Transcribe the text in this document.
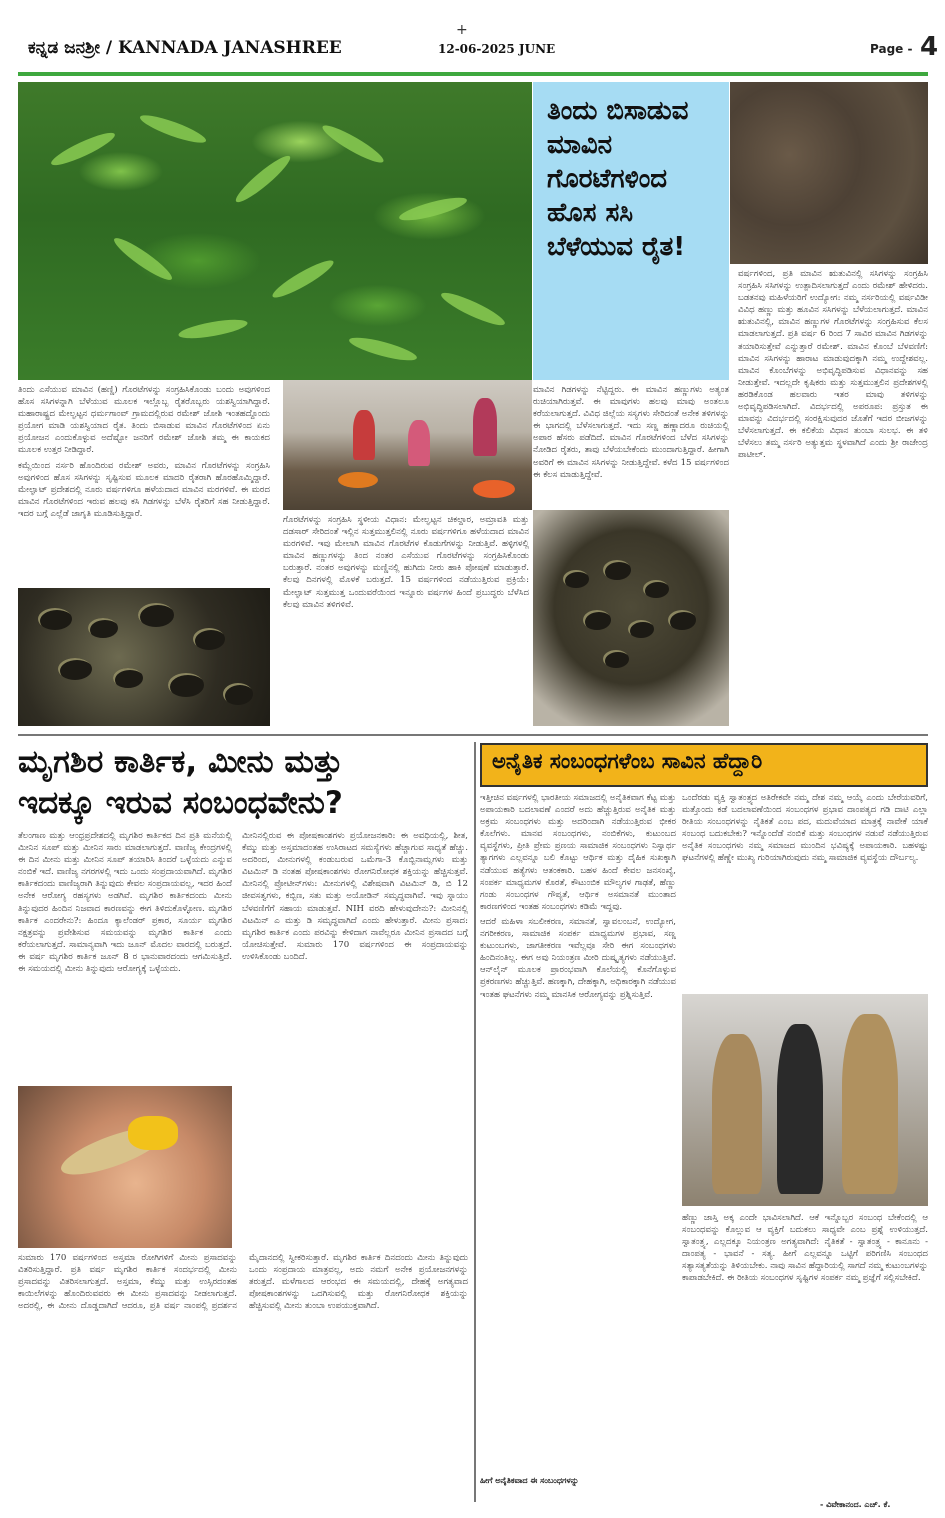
+
ಕನ್ನಡ ಜನಶ್ರೀ / KANNADA JANASHREE	12-06-2025 JUNE	Page - 4
ತಿಂದು ಬಿಸಾಡುವ ಮಾವಿನ ಗೊರಟೆಗಳಿಂದ ಹೊಸ ಸಸಿ ಬೆಳೆಯುವ ರೈತ!

ತಿಂದು ಎಸೆಯುವ ಮಾವಿನ (ಹಣ್ಣಿ) ಗೊರಟೆಗಳನ್ನು ಸಂಗ್ರಹಿಸಿಕೊಂಡು ಬಂದು ಅವುಗಳಿಂದ ಹೊಸ ಸಸಿಗಳನ್ನಾಗಿ ಬೆಳೆಯುವ ಮೂಲಕ ಇಲ್ಲೊಬ್ಬ ರೈತರೊಬ್ಬರು ಯಶಸ್ವಿಯಾಗಿದ್ದಾರೆ. ಮಹಾರಾಷ್ಟ್ರದ ಮೇಲ್ಘಟ್ಟನ ಧರ್ಮಗಾಂವ್ ಗ್ರಾಮದಲ್ಲಿರುವ ರಮೇಶ್ ಜೋಶಿ ಇಂತಹದ್ದೊಂದು ಪ್ರಯೋಗ ಮಾಡಿ ಯಶಸ್ವಿಯಾದ ರೈತ. ತಿಂದು ಬಿಸಾಡುವ ಮಾವಿನ ಗೊರಟೆಗಳಿಂದ ಏನು ಪ್ರಯೋಜನ ಎಂದುಕೊಳ್ಳುವ ಅದೆಷ್ಟೋ ಜನರಿಗೆ ರಮೇಶ್ ಜೋಶಿ ತಮ್ಮ ಈ ಕಾಯಕದ ಮೂಲಕ ಉತ್ತರ ನೀಡಿದ್ದಾರೆ.

ಕಮ್ಲೆಯಿಂದ ನರ್ಸರಿ ಹೊಂದಿರುವ ರಮೇಶ್ ಅವರು, ಮಾವಿನ ಗೊರಟೆಗಳನ್ನು ಸಂಗ್ರಹಿಸಿ ಅವುಗಳಿಂದ ಹೊಸ ಸಸಿಗಳನ್ನು ಸೃಷ್ಟಿಸುವ ಮೂಲಕ ಮಾದರಿ ರೈತರಾಗಿ ಹೊರಹೊಮ್ಮಿದ್ದಾರೆ. ಮೇಲ್ಘಾಟ್ ಪ್ರದೇಶದಲ್ಲಿ ನೂರು ವರ್ಷಗಳಿಗೂ ಹಳೆಯದಾದ ಮಾವಿನ ಮರಗಳಿವೆ. ಈ ಮರದ ಮಾವಿನ ಗೊರಟೆಗಳಿಂದ ಇರುವ ಹಲವು ಕಸಿ ಗಿಡಗಳನ್ನು ಬೆಳೆಸಿ ರೈತರಿಗೆ ಸಹ ನೀಡುತ್ತಿದ್ದಾರೆ. ಇದರ ಬಗ್ಗೆ ಎಲ್ಲೆಡೆ ಜಾಗೃತಿ ಮೂಡಿಸುತ್ತಿದ್ದಾರೆ.

ಗೊರಟೆಗಳನ್ನು ಸಂಗ್ರಹಿಸಿ ಸ್ಥಳೀಯ ವಿಧಾನ: ಮೇಲ್ಘಟ್ಟನ ಚಿಕಲ್ದಾರ, ಅಮ್ರಾವತಿ ಮತ್ತು ದಡಸಾರ್ ಸೇರಿದಂತೆ ಇಲ್ಲಿನ ಸುತ್ತಮುತ್ತಲಿನಲ್ಲಿ ನೂರು ವರ್ಷಗಳಿಗೂ ಹಳೆಯದಾದ ಮಾವಿನ ಮರಗಳಿವೆ. ಇವು ಮೇಲಾಗಿ ಮಾವಿನ ಗೊರಟೆಗಳ ಕೊಡುಗೆಗಳನ್ನು ನೀಡುತ್ತಿವೆ. ಹಳ್ಳಿಗಳಲ್ಲಿ ಮಾವಿನ ಹಣ್ಣುಗಳನ್ನು ತಿಂದ ನಂತರ ಎಸೆಯುವ ಗೊರಟೆಗಳನ್ನು ಸಂಗ್ರಹಿಸಿಕೊಂಡು ಬರುತ್ತಾರೆ. ನಂತರ ಅವುಗಳನ್ನು ಮಣ್ಣಿನಲ್ಲಿ ಹುಗಿದು ನೀರು ಹಾಕಿ ಪೋಷಣೆ ಮಾಡುತ್ತಾರೆ. ಕೆಲವು ದಿನಗಳಲ್ಲಿ ಮೊಳಕೆ ಬರುತ್ತದೆ. 15 ವರ್ಷಗಳಿಂದ ನಡೆಯುತ್ತಿರುವ ಪ್ರಕ್ರಿಯೆ: ಮೇಲ್ಘಾಟ್ ಸುತ್ತಮುತ್ತ ಒಂದುವರೆಯಿಂದ ಇನ್ನೂರು ವರ್ಷಗಳ ಹಿಂದೆ ಪ್ರಬುದ್ಧರು ಬೆಳೆಸಿದ ಕೆಲವು ಮಾವಿನ ತಳಿಗಳಿವೆ.

ಮಾವಿನ ಗಿಡಗಳನ್ನು ನೆಟ್ಟಿದ್ದರು. ಈ ಮಾವಿನ ಹಣ್ಣುಗಳು ಅತ್ಯಂತ ರುಚಿಯಾಗಿರುತ್ತವೆ. ಈ ಮಾವುಗಳು ಹಲವು ಮಾವು ಅಂತಲೂ ಕರೆಯಲಾಗುತ್ತದೆ. ವಿವಿಧ ಜಿಲ್ಲೆಯ ಸಸ್ಯಗಳು ಸೇರಿದಂತೆ ಅನೇಕ ತಳಿಗಳನ್ನು ಈ ಭಾಗದಲ್ಲಿ ಬೆಳೆಸಲಾಗುತ್ತದೆ. ಇದು ಸಣ್ಣ ಹಣ್ಣಾದರೂ ರುಚಿಯಲ್ಲಿ ಅಪಾರ ಹೆಸರು ಪಡೆದಿದೆ. ಮಾವಿನ ಗೊರಟೆಗಳಿಂದ ಬೆಳೆದ ಸಸಿಗಳನ್ನು ನೋಡಿದ ರೈತರು, ತಾವು ಬೆಳೆಯಬೇಕೆಂದು ಮುಂದಾಗುತ್ತಿದ್ದಾರೆ. ಹೀಗಾಗಿ ಅವರಿಗೆ ಈ ಮಾವಿನ ಸಸಿಗಳನ್ನು ನೀಡುತ್ತಿದ್ದೇವೆ. ಕಳೆದ 15 ವರ್ಷಗಳಿಂದ ಈ ಕೆಲಸ ಮಾಡುತ್ತಿದ್ದೇವೆ.

ವರ್ಷಗಳಿಂದ, ಪ್ರತಿ ಮಾವಿನ ಋತುವಿನಲ್ಲಿ ಸಸಿಗಳನ್ನು ಸಂಗ್ರಹಿಸಿ ಸಂಗ್ರಹಿಸಿ ಸಸಿಗಳನ್ನು ಉತ್ಪಾದಿಸಲಾಗುತ್ತದೆ ಎಂದು ರಮೇಶ್ ಹೇಳಿದರು. ಬಡತನವು ಮಹಿಳೆಯರಿಗೆ ಉದ್ಯೋಗ: ನಮ್ಮ ನರ್ಸರಿಯಲ್ಲಿ ವರ್ಷವಿಡೀ ವಿವಿಧ ಹಣ್ಣು ಮತ್ತು ಹೂವಿನ ಸಸಿಗಳನ್ನು ಬೆಳೆಯಲಾಗುತ್ತದೆ. ಮಾವಿನ ಋತುವಿನಲ್ಲಿ, ಮಾವಿನ ಹಣ್ಣುಗಳ ಗೊರಟೆಗಳನ್ನು ಸಂಗ್ರಹಿಸುವ ಕೆಲಸ ಮಾಡಲಾಗುತ್ತದೆ. ಪ್ರತಿ ವರ್ಷ 6 ರಿಂದ 7 ಸಾವಿರ ಮಾವಿನ ಗಿಡಗಳನ್ನು ತಯಾರಿಸುತ್ತೇವೆ ಎನ್ನುತ್ತಾರೆ ರಮೇಶ್. ಮಾವಿನ ಕೊಂಬೆ ಬೆಳವಣಿಗೆ: ಮಾವಿನ ಸಸಿಗಳನ್ನು ಹಾರಾಟ ಮಾಡುವುದಕ್ಕಾಗಿ ನಮ್ಮ ಉದ್ದೇಶವಲ್ಲ. ಮಾವಿನ ಕೊಂಬೆಗಳನ್ನು ಅಭಿವೃದ್ಧಿಪಡಿಸುವ ವಿಧಾನವನ್ನು ಸಹ ನೀಡುತ್ತೇವೆ. ಇದಲ್ಲದೇ ಕೃಷಿಕರು ಮತ್ತು ಸುತ್ತಮುತ್ತಲಿನ ಪ್ರದೇಶಗಳಲ್ಲಿ ಹರಡಿಕೊಂಡ ಹಲವಾರು ಇತರ ಮಾವು ತಳಿಗಳನ್ನು ಅಭಿವೃದ್ಧಿಪಡಿಸಲಾಗಿದೆ. ವಿದರ್ಭದಲ್ಲಿ ಅಪರೂಪ: ಪ್ರಸ್ತುತ ಈ ಮಾವನ್ನು ವಿದರ್ಭದಲ್ಲಿ ಸಂರಕ್ಷಿಸುವುದರ ಜೊತೆಗೆ ಇದರ ಬೀಜಗಳನ್ನು ಬೆಳೆಸಲಾಗುತ್ತದೆ. ಈ ಕಲಿಕೆಯ ವಿಧಾನ ತುಂಬಾ ಸುಲಭ. ಈ ತಳಿ ಬೆಳೆಸಲು ತಮ್ಮ ನರ್ಸರಿ ಅತ್ಯುತ್ತಮ ಸ್ಥಳವಾಗಿದೆ ಎಂದು ಶ್ರೀ ರಾಜೇಂದ್ರ ಪಾಟೀಲ್.

ಮೃಗಶಿರ ಕಾರ್ತಿಕ, ಮೀನು ಮತ್ತು
ಇದಕ್ಕೂ ಇರುವ ಸಂಬಂಧವೇನು?

ತೆಲಂಗಾಣ ಮತ್ತು ಆಂಧ್ರಪ್ರದೇಶದಲ್ಲಿ ಮೃಗಶಿರ ಕಾರ್ತಿಕದ ದಿನ ಪ್ರತಿ ಮನೆಯಲ್ಲಿ ಮೀನಿನ ಸೂಪ್ ಮತ್ತು ಮೀನಿನ ಸಾರು ಮಾಡಲಾಗುತ್ತದೆ. ವಾಣಿಜ್ಯ ಕೇಂದ್ರಗಳಲ್ಲಿ ಈ ದಿನ ಮೀನು ಮತ್ತು ಮೀನಿನ ಸೂಪ್ ತಯಾರಿಸಿ ತಿಂದರೆ ಒಳ್ಳೆಯದು ಎನ್ನುವ ನಂಬಿಕೆ ಇದೆ. ವಾಣಿಜ್ಯ ನಗರಗಳಲ್ಲಿ ಇದು ಒಂದು ಸಂಪ್ರದಾಯವಾಗಿದೆ. ಮೃಗಶಿರ ಕಾರ್ತಿಕದಂದು ವಾಣಿಜ್ಯರಾಗಿ ತಿನ್ನುವುದು ಕೇವಲ ಸಂಪ್ರದಾಯವಲ್ಲ, ಇದರ ಹಿಂದೆ ಅನೇಕ ಆರೋಗ್ಯ ರಹಸ್ಯಗಳು ಅಡಗಿವೆ. ಮೃಗಶಿರ ಕಾರ್ತಿಕದಂದು ಮೀನು ತಿನ್ನುವುದರ ಹಿಂದಿನ ನಿಜವಾದ ಕಾರಣವನ್ನು ಈಗ ತಿಳಿದುಕೊಳ್ಳೋಣ. ಮೃಗಶಿರ ಕಾರ್ತಿಕ ಎಂದರೇನು?: ಹಿಂದೂ ಕ್ಯಾಲೆಂಡರ್ ಪ್ರಕಾರ, ಸೂರ್ಯ ಮೃಗಶಿರ ನಕ್ಷತ್ರವನ್ನು ಪ್ರವೇಶಿಸುವ ಸಮಯವನ್ನು ಮೃಗಶಿರ ಕಾರ್ತಿಕ ಎಂದು ಕರೆಯಲಾಗುತ್ತದೆ. ಸಾಮಾನ್ಯವಾಗಿ ಇದು ಜೂನ್ ಮೊದಲ ವಾರದಲ್ಲಿ ಬರುತ್ತದೆ. ಈ ವರ್ಷ ಮೃಗಶಿರ ಕಾರ್ತಿಕ ಜೂನ್ 8 ರ ಭಾನುವಾರದಂದು ಆಗಮಿಸುತ್ತಿದೆ. ಈ ಸಮಯದಲ್ಲಿ ಮೀನು ತಿನ್ನುವುದು ಆರೋಗ್ಯಕ್ಕೆ ಒಳ್ಳೆಯದು.

ಮೀನಿನಲ್ಲಿರುವ ಈ ಪೋಷಕಾಂಶಗಳು ಪ್ರಯೋಜನಕಾರಿ: ಈ ಅವಧಿಯಲ್ಲಿ, ಶೀತ, ಕೆಮ್ಮು ಮತ್ತು ಅಸ್ತಮಾದಂತಹ ಉಸಿರಾಟದ ಸಮಸ್ಯೆಗಳು ಹೆಚ್ಚಾಗುವ ಸಾಧ್ಯತೆ ಹೆಚ್ಚು. ಅದರಿಂದ, ಮೀನುಗಳಲ್ಲಿ ಕಂಡುಬರುವ ಒಮೆಗಾ-3 ಕೊಬ್ಬಿನಾಮ್ಲಗಳು ಮತ್ತು ವಿಟಮಿನ್ ಡಿ ನಂತಹ ಪೋಷಕಾಂಶಗಳು ರೋಗನಿರೋಧಕ ಶಕ್ತಿಯನ್ನು ಹೆಚ್ಚಿಸುತ್ತವೆ. ಮೀನಿನಲ್ಲಿ ಪ್ರೋಟೀನ್‌ಗಳು: ಮೀನುಗಳಲ್ಲಿ ವಿಶೇಷವಾಗಿ ವಿಟಮಿನ್ ಡಿ, ಬಿ 12 ಜೀವಸತ್ವಗಳು, ಕಬ್ಬಿಣ, ಸತು ಮತ್ತು ಅಯೋಡಿನ್ ಸಮೃದ್ಧವಾಗಿವೆ. ಇವು ಸ್ನಾಯು ಬೆಳವಣಿಗೆಗೆ ಸಹಾಯ ಮಾಡುತ್ತವೆ. NIH ವರದಿ ಹೇಳುವುದೇನು?: ಮೀನಿನಲ್ಲಿ ವಿಟಮಿನ್ ಎ ಮತ್ತು ಡಿ ಸಮೃದ್ಧವಾಗಿದೆ ಎಂದು ಹೇಳುತ್ತಾರೆ. ಮೀನು ಪ್ರಸಾದ: ಮೃಗಶಿರ ಕಾರ್ತಿಕ ಎಂದು ಪರವಿನ್ನು ಕೇಳಿದಾಗ ನಾವೆಲ್ಲರೂ ಮೀನಿನ ಪ್ರಸಾದದ ಬಗ್ಗೆ ಯೋಚಿಸುತ್ತೇವೆ. ಸುಮಾರು 170 ವರ್ಷಗಳಿಂದ ಈ ಸಂಪ್ರದಾಯವನ್ನು ಉಳಿಸಿಕೊಂಡು ಬಂದಿದೆ.

ಸುಮಾರು 170 ವರ್ಷಗಳಿಂದ ಅಸ್ತಮಾ ರೋಗಿಗಳಿಗೆ ಮೀನು ಪ್ರಸಾದವನ್ನು ವಿತರಿಸುತ್ತಿದ್ದಾರೆ. ಪ್ರತಿ ವರ್ಷ ಮೃಗಶಿರ ಕಾರ್ತಿಕ ಸಂದರ್ಭದಲ್ಲಿ ಮೀನು ಪ್ರಸಾದವನ್ನು ವಿತರಿಸಲಾಗುತ್ತದೆ. ಅಸ್ತಮಾ, ಕೆಮ್ಮು ಮತ್ತು ಉಸ್ಸಿರದಂತಹ ಕಾಯಿಲೆಗಳನ್ನು ಹೊಂದಿರುವವರು ಈ ಮೀನು ಪ್ರಸಾದವನ್ನು ನೀಡಲಾಗುತ್ತದೆ. ಅದರಲ್ಲಿ, ಈ ಮೀನು ದೊಡ್ಡದಾಗಿದೆ ಆದರೂ, ಪ್ರತಿ ವರ್ಷ ನಾಂಪಲ್ಲಿ ಪ್ರದರ್ಶನ ಮೈದಾನದಲ್ಲಿ ಸ್ವೀಕರಿಸುತ್ತಾರೆ. ಮೃಗಶಿರ ಕಾರ್ತಿಕ ದಿನದಂದು ಮೀನು ತಿನ್ನುವುದು ಒಂದು ಸಂಪ್ರದಾಯ ಮಾತ್ರವಲ್ಲ, ಅದು ನಮಗೆ ಅನೇಕ ಪ್ರಯೋಜನಗಳನ್ನು ತರುತ್ತದೆ. ಮಳೆಗಾಲದ ಆರಂಭದ ಈ ಸಮಯದಲ್ಲಿ, ದೇಹಕ್ಕೆ ಅಗತ್ಯವಾದ ಪೋಷಕಾಂಶಗಳನ್ನು ಒದಗಿಸುವಲ್ಲಿ ಮತ್ತು ರೋಗನಿರೋಧಕ ಶಕ್ತಿಯನ್ನು ಹೆಚ್ಚಿಸುವಲ್ಲಿ ಮೀನು ತುಂಬಾ ಉಪಯುಕ್ತವಾಗಿದೆ.

ಅನೈತಿಕ ಸಂಬಂಧಗಳೆಂಬ ಸಾವಿನ ಹೆದ್ದಾರಿ

ಇತ್ತೀಚಿನ ವರ್ಷಗಳಲ್ಲಿ ಭಾರತೀಯ ಸಮಾಜದಲ್ಲಿ ಅನೈತಿಕವಾಗ ಕೆಟ್ಟ ಮತ್ತು ಅಪಾಯಕಾರಿ ಬದಲಾವಣೆ ಎಂದರೆ ಅದು ಹೆಚ್ಚುತ್ತಿರುವ ಅನೈತಿಕ ಮತ್ತು ಅಕ್ರಮ ಸಂಬಂಧಗಳು ಮತ್ತು ಅದರಿಂದಾಗಿ ನಡೆಯುತ್ತಿರುವ ಭೀಕರ ಕೊಲೆಗಳು. ಮಾನವ ಸಂಬಂಧಗಳು, ನಂಬಿಕೆಗಳು, ಕುಟುಂಬದ ವ್ಯವಸ್ಥೆಗಳು, ಪ್ರೀತಿ ಪ್ರೇಮ ಪ್ರಣಯ ಸಾಮಾಜಿಕ ಸಂಬಂಧಗಳು ನಿಸ್ವಾರ್ಥ ತ್ಯಾಗಗಳು ಎಲ್ಲವನ್ನೂ ಬಲಿ ಕೊಟ್ಟು ಆರ್ಥಿಕ ಮತ್ತು ದೈಹಿಕ ಸುಖಕ್ಕಾಗಿ ನಡೆಯುವ ಹತ್ಯೆಗಳು ಆತಂಕಕಾರಿ. ಬಹಳ ಹಿಂದೆ ಕೇವಲ ಜನಸಂಖ್ಯೆ, ಸಂಪರ್ಕ ಮಾಧ್ಯಮಗಳ ಕೊರತೆ, ಕೌಟುಂಬಿಕ ಮೌಲ್ಯಗಳ ಗಾಢತೆ, ಹೆಣ್ಣು ಗಂಡು ಸಂಬಂಧಗಳ ಗೌಪ್ಯತೆ, ಆರ್ಥಿಕ ಅಸಮಾನತೆ ಮುಂತಾದ ಕಾರಣಗಳಿಂದ ಇಂತಹ ಸಂಬಂಧಗಳು ಕಡಿಮೆ ಇದ್ದವು.

ಆದರೆ ಮಹಿಳಾ ಸಬಲೀಕರಣ, ಸಮಾನತೆ, ಸ್ವಾವಲಂಬನೆ, ಉದ್ಯೋಗ, ನಗರೀಕರಣ, ಸಾಮಾಜಿಕ ಸಂಪರ್ಕ ಮಾಧ್ಯಮಗಳ ಪ್ರಭಾವ, ಸಣ್ಣ ಕುಟುಂಬಗಳು, ಜಾಗತೀಕರಣ ಇವೆಲ್ಲವೂ ಸೇರಿ ಈಗ ಸಂಬಂಧಗಳು ಹಿಂದಿನಂತಿಲ್ಲ. ಈಗ ಅವು ನಿಯಂತ್ರಣ ಮೀರಿ ದುಷ್ಕೃತ್ಯಗಳು ನಡೆಯುತ್ತಿವೆ. ಆನ್‌ಲೈನ್ ಮೂಲಕ ಪ್ರಾರಂಭವಾಗಿ ಕೊಲೆಯಲ್ಲಿ ಕೊನೆಗೊಳ್ಳುವ ಪ್ರಕರಣಗಳು ಹೆಚ್ಚುತ್ತಿವೆ. ಹಣಕ್ಕಾಗಿ, ದೇಹಕ್ಕಾಗಿ, ಅಧಿಕಾರಕ್ಕಾಗಿ ನಡೆಯುವ ಇಂತಹ ಘಟನೆಗಳು ನಮ್ಮ ಮಾನಸಿಕ ಆರೋಗ್ಯವನ್ನು ಪ್ರಶ್ನಿಸುತ್ತಿವೆ.

ಒಂದೆರಡು ವ್ಯಕ್ತಿ ಸ್ವಾತಂತ್ರ್ಯದ ಅತಿರೇಕವೇ ನಮ್ಮ ದೇಶ ನಮ್ಮ ಆಯ್ಕೆ ಎಂದು ಬೇರೆಯವರಿಗೆ, ಮತ್ತೊಂದು ಕಡೆ ಬದಲಾವಣೆಯಿಂದ ಸಂಬಂಧಗಳ ಪ್ರಭಾವ ದಾಂಪತ್ಯದ ಗಡಿ ದಾಟಿ ಎಲ್ಲಾ ರೀತಿಯ ಸಂಬಂಧಗಳನ್ನು ನೈತಿಕತೆ ಎಂಬ ಪದ, ಮದುವೆಯಾದ ಮಾತ್ರಕ್ಕೆ ನಾವೇಕೆ ಯಾಕೆ ಸಂಬಂಧ ಬದುಕಬೇಕು? ಇನ್ನೊಂದೆಡೆ ನಂಬಿಕೆ ಮತ್ತು ಸಂಬಂಧಗಳ ನಡುವೆ ನಡೆಯುತ್ತಿರುವ ಅನೈತಿಕ ಸಂಬಂಧಗಳು ನಮ್ಮ ಸಮಾಜದ ಮುಂದಿನ ಭವಿಷ್ಯಕ್ಕೆ ಅಪಾಯಕಾರಿ. ಬಹಳಷ್ಟು ಘಟನೆಗಳಲ್ಲಿ ಹೆಣ್ಣೇ ಮುಖ್ಯ ಗುರಿಯಾಗಿರುವುದು ನಮ್ಮ ಸಾಮಾಜಿಕ ವ್ಯವಸ್ಥೆಯ ದೌರ್ಬಲ್ಯ.

ಹೆಣ್ಣು ಜಾಸ್ತಿ ಅಕ್ಕ ಎಂದೇ ಭಾವಿಸಲಾಗಿದೆ. ಆಕೆ ಇನ್ನೊಬ್ಬರ ಸಂಬಂಧ ಬೇಕೆಂದಲ್ಲಿ ಆ ಸಂಬಂಧವನ್ನು ಕೊಲ್ಲುವ ಆ ವ್ಯಕ್ತಿಗೆ ಬದುಕಲು ಸಾಧ್ಯವೇ ಎಂಬ ಪ್ರಶ್ನೆ ಉಳಿಯುತ್ತದೆ. ಸ್ವಾತಂತ್ರ್ಯ, ಎಲ್ಲದಕ್ಕೂ ನಿಯಂತ್ರಣ ಅಗತ್ಯವಾಗಿದೆ: ನೈತಿಕತೆ - ಸ್ವಾತಂತ್ರ್ಯ - ಕಾನೂನು - ದಾಂಪತ್ಯ - ಭಾವನೆ - ಸತ್ಯ. ಹೀಗೆ ಎಲ್ಲವನ್ನೂ ಒಟ್ಟಿಗೆ ಪರಿಗಣಿಸಿ ಸಂಬಂಧದ ಸತ್ಯಾಸತ್ಯತೆಯನ್ನು ತಿಳಿಯಬೇಕು. ನಾವು ಸಾವಿನ ಹೆದ್ದಾರಿಯಲ್ಲಿ ಸಾಗದೆ ನಮ್ಮ ಕುಟುಂಬಗಳನ್ನು ಕಾಪಾಡಬೇಕಿದೆ. ಈ ರೀತಿಯ ಸಂಬಂಧಗಳ ಸೃಷ್ಟಿಗಳ ಸಂಪರ್ಕ ನಮ್ಮ ಪ್ರಜ್ಞೆಗೆ ಸಲ್ಲಿಸಬೇಕಿದೆ.

ಹೀಗೆ ಅನೈತಿಕವಾದ ಈ ಸಂಬಂಧಗಳನ್ನು
- ವಿವೇಕಾನಂದ. ಎಚ್. ಕೆ.
